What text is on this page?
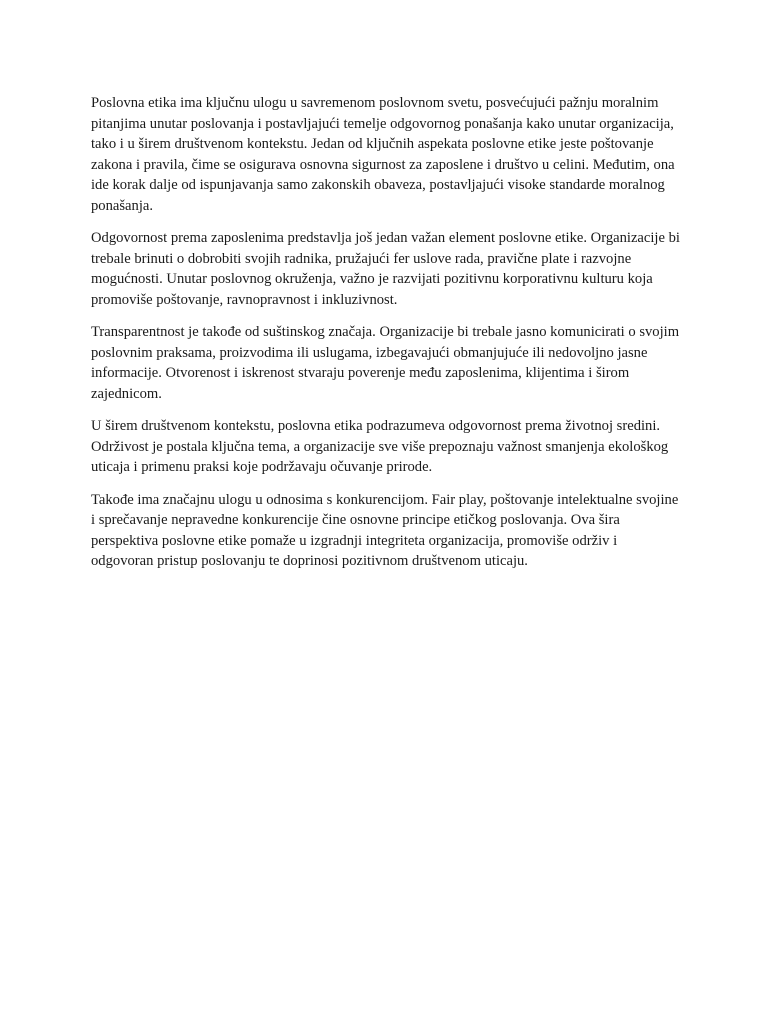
Poslovna etika ima ključnu ulogu u savremenom poslovnom svetu, posvećujući pažnju moralnim pitanjima unutar poslovanja i postavljajući temelje odgovornog ponašanja kako unutar organizacija, tako i u širem društvenom kontekstu. Jedan od ključnih aspekata poslovne etike jeste poštovanje zakona i pravila, čime se osigurava osnovna sigurnost za zaposlene i društvo u celini. Međutim, ona ide korak dalje od ispunjavanja samo zakonskih obaveza, postavljajući visoke standarde moralnog ponašanja.

Odgovornost prema zaposlenima predstavlja još jedan važan element poslovne etike. Organizacije bi trebale brinuti o dobrobiti svojih radnika, pružajući fer uslove rada, pravične plate i razvojne mogućnosti. Unutar poslovnog okruženja, važno je razvijati pozitivnu korporativnu kulturu koja promoviše poštovanje, ravnopravnost i inkluzivnost.

Transparentnost je takođe od suštinskog značaja. Organizacije bi trebale jasno komunicirati o svojim poslovnim praksama, proizvodima ili uslugama, izbegavajući obmanjujuće ili nedovoljno jasne informacije. Otvorenost i iskrenost stvaraju poverenje među zaposlenima, klijentima i širom zajednicom.

U širem društvenom kontekstu, poslovna etika podrazumeva odgovornost prema životnoj sredini. Održivost je postala ključna tema, a organizacije sve više prepoznaju važnost smanjenja ekološkog uticaja i primenu praksi koje podržavaju očuvanje prirode.

Takođe ima značajnu ulogu u odnosima s konkurencijom. Fair play, poštovanje intelektualne svojine i sprečavanje nepravedne konkurencije čine osnovne principe etičkog poslovanja. Ova šira perspektiva poslovne etike pomaže u izgradnji integriteta organizacija, promoviše održiv i odgovoran pristup poslovanju te doprinosi pozitivnom društvenom uticaju.
